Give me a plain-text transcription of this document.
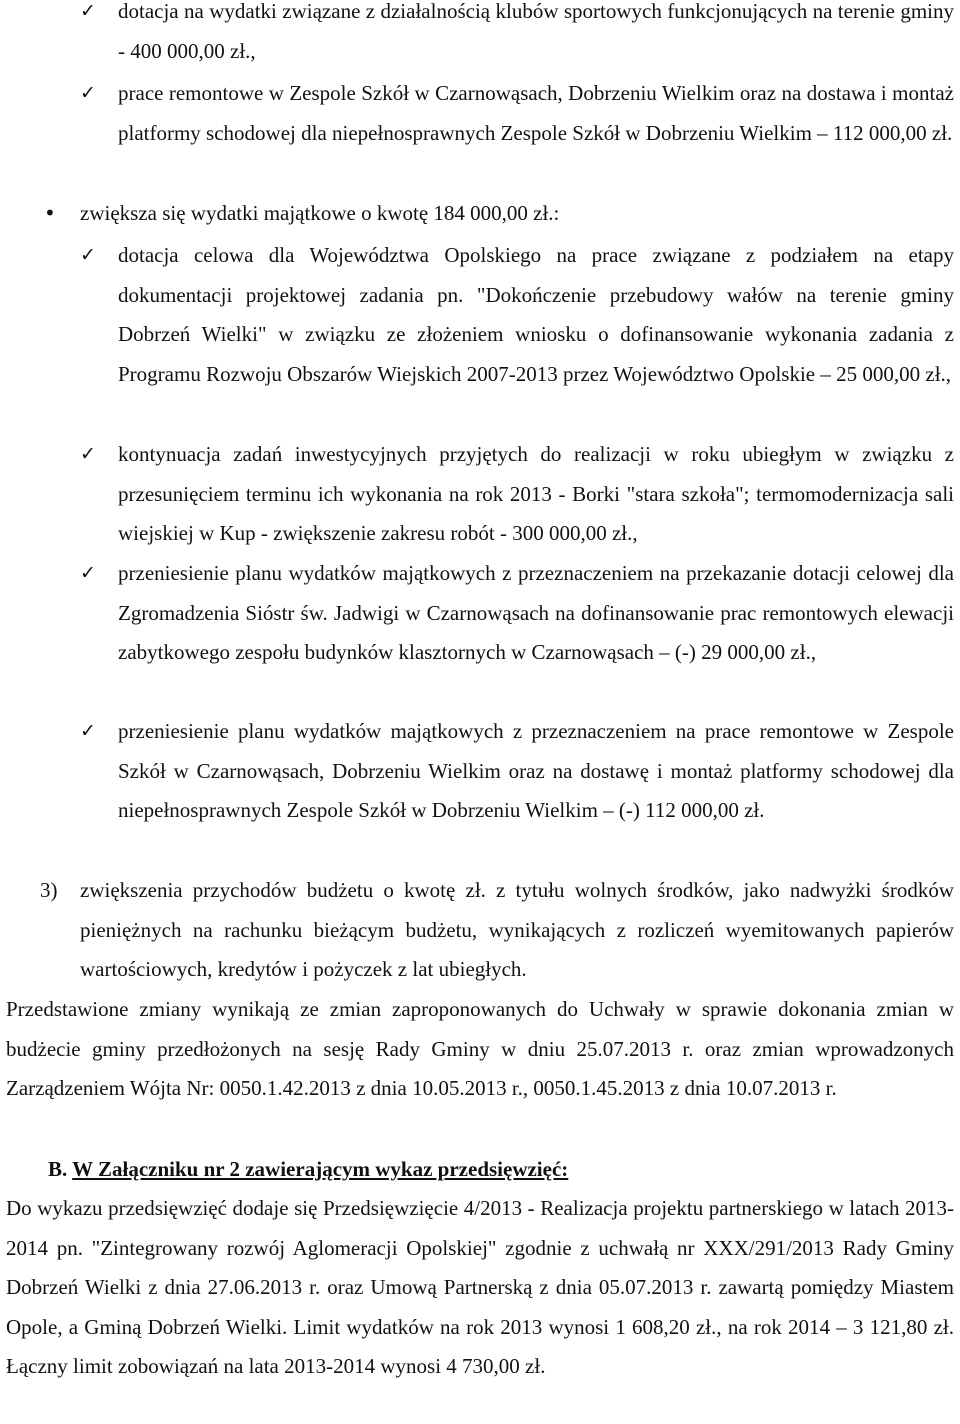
✓ dotacja na wydatki związane z działalnością klubów sportowych funkcjonujących na terenie gminy - 400 000,00 zł.,

✓ prace remontowe w Zespole Szkół w Czarnowąsach, Dobrzeniu Wielkim oraz na dostawa i montaż platformy schodowej dla niepełnosprawnych Zespole Szkół w Dobrzeniu Wielkim – 112 000,00 zł.

• zwiększa się wydatki majątkowe o kwotę 184 000,00 zł.:

✓ dotacja celowa dla Województwa Opolskiego na prace związane z podziałem na etapy dokumentacji projektowej zadania pn. "Dokończenie przebudowy wałów na terenie gminy Dobrzeń Wielki" w związku ze złożeniem wniosku o dofinansowanie wykonania zadania z Programu Rozwoju Obszarów Wiejskich 2007-2013 przez Województwo Opolskie – 25 000,00 zł.,

✓ kontynuacja zadań inwestycyjnych przyjętych do realizacji w roku ubiegłym w związku z przesunięciem terminu ich wykonania na rok 2013 - Borki "stara szkoła"; termomodernizacja sali wiejskiej w Kup - zwiększenie zakresu robót - 300 000,00 zł.,

✓ przeniesienie planu wydatków majątkowych z przeznaczeniem na przekazanie dotacji celowej dla Zgromadzenia Sióstr św. Jadwigi w Czarnowąsach na dofinansowanie prac remontowych elewacji zabytkowego zespołu budynków klasztornych w Czarnowąsach – (-) 29 000,00 zł.,

✓ przeniesienie planu wydatków majątkowych z przeznaczeniem na prace remontowe w Zespole Szkół w Czarnowąsach, Dobrzeniu Wielkim oraz na dostawę i montaż platformy schodowej dla niepełnosprawnych Zespole Szkół w Dobrzeniu Wielkim – (-) 112 000,00 zł.

3) zwiększenia przychodów budżetu o kwotę zł. z tytułu wolnych środków, jako nadwyżki środków pieniężnych na rachunku bieżącym budżetu, wynikających z rozliczeń wyemitowanych papierów wartościowych, kredytów i pożyczek z lat ubiegłych.

Przedstawione zmiany wynikają ze zmian zaproponowanych do Uchwały w sprawie dokonania zmian w budżecie gminy przedłożonych na sesję Rady Gminy w dniu 25.07.2013 r. oraz zmian wprowadzonych Zarządzeniem Wójta Nr: 0050.1.42.2013 z dnia 10.05.2013 r., 0050.1.45.2013 z dnia 10.07.2013 r.

B. W Załączniku nr 2 zawierającym wykaz przedsięwzięć:

Do wykazu przedsięwzięć dodaje się Przedsięwzięcie 4/2013 - Realizacja projektu partnerskiego w latach 2013-2014 pn. "Zintegrowany rozwój Aglomeracji Opolskiej" zgodnie z uchwałą nr XXX/291/2013 Rady Gminy Dobrzeń Wielki z dnia 27.06.2013 r. oraz Umową Partnerską z dnia 05.07.2013 r. zawartą pomiędzy Miastem Opole, a Gminą Dobrzeń Wielki. Limit wydatków na rok 2013 wynosi 1 608,20 zł., na rok 2014 – 3 121,80 zł. Łączny limit zobowiązań na lata 2013-2014 wynosi 4 730,00 zł.
